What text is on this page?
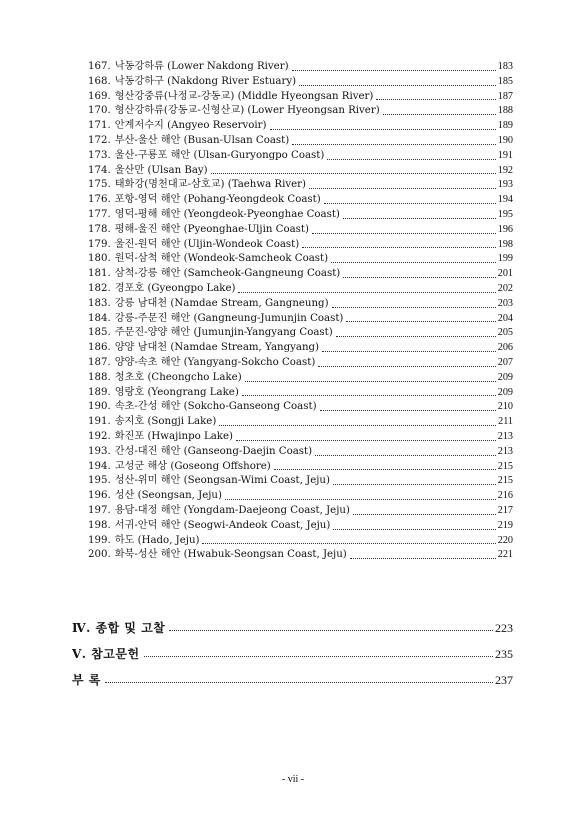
167. 낙동강하류 (Lower Nakdong River)	183
168. 낙동강하구 (Nakdong River Estuary)	185
169. 형산강중류(나정교-강동교) (Middle Hyeongsan River)	187
170. 형산강하류(강동교-신형산교) (Lower Hyeongsan River)	188
171. 안계저수지 (Angyeo Reservoir)	189
172. 부산-울산 해안 (Busan-Ulsan Coast)	190
173. 울산-구룡포 해안 (Ulsan-Guryongpo Coast)	191
174. 울산만 (Ulsan Bay)	192
175. 태화강(명천대교-삼호교) (Taehwa River)	193
176. 포항-영덕 해안 (Pohang-Yeongdeok Coast)	194
177. 영덕-평해 해안 (Yeongdeok-Pyeonghae Coast)	195
178. 평해-울진 해안 (Pyeonghae-Uljin Coast)	196
179. 울진-원덕 해안 (Uljin-Wondeok Coast)	198
180. 원덕-삼척 해안 (Wondeok-Samcheok Coast)	199
181. 삼척-강릉 해안 (Samcheok-Gangneung Coast)	201
182. 경포호 (Gyeongpo Lake)	202
183. 강릉 남대천 (Namdae Stream, Gangneung)	203
184. 강릉-주문진 해안 (Gangneung-Jumunjin Coast)	204
185. 주문진-양양 해안 (Jumunjin-Yangyang Coast)	205
186. 양양 남대천 (Namdae Stream, Yangyang)	206
187. 양양-속초 해안 (Yangyang-Sokcho Coast)	207
188. 청초호 (Cheongcho Lake)	209
189. 영랑호 (Yeongrang Lake)	209
190. 속초-간성 해안 (Sokcho-Ganseong Coast)	210
191. 송지호 (Songji Lake)	211
192. 화진포 (Hwajinpo Lake)	213
193. 간성-대진 해안 (Ganseong-Daejin Coast)	213
194. 고성군 해상 (Goseong Offshore)	215
195. 성산-위미 해안 (Seongsan-Wimi Coast, Jeju)	215
196. 성산 (Seongsan, Jeju)	216
197. 용담-대정 해안 (Yongdam-Daejeong Coast, Jeju)	217
198. 서귀-안덕 해안 (Seogwi-Andeok Coast, Jeju)	219
199. 하도 (Hado, Jeju)	220
200. 화북-성산 해안 (Hwabuk-Seongsan Coast, Jeju)	221
Ⅳ. 종합 및 고찰	223
Ⅴ. 참고문헌	235
부 록	237
- vii -
